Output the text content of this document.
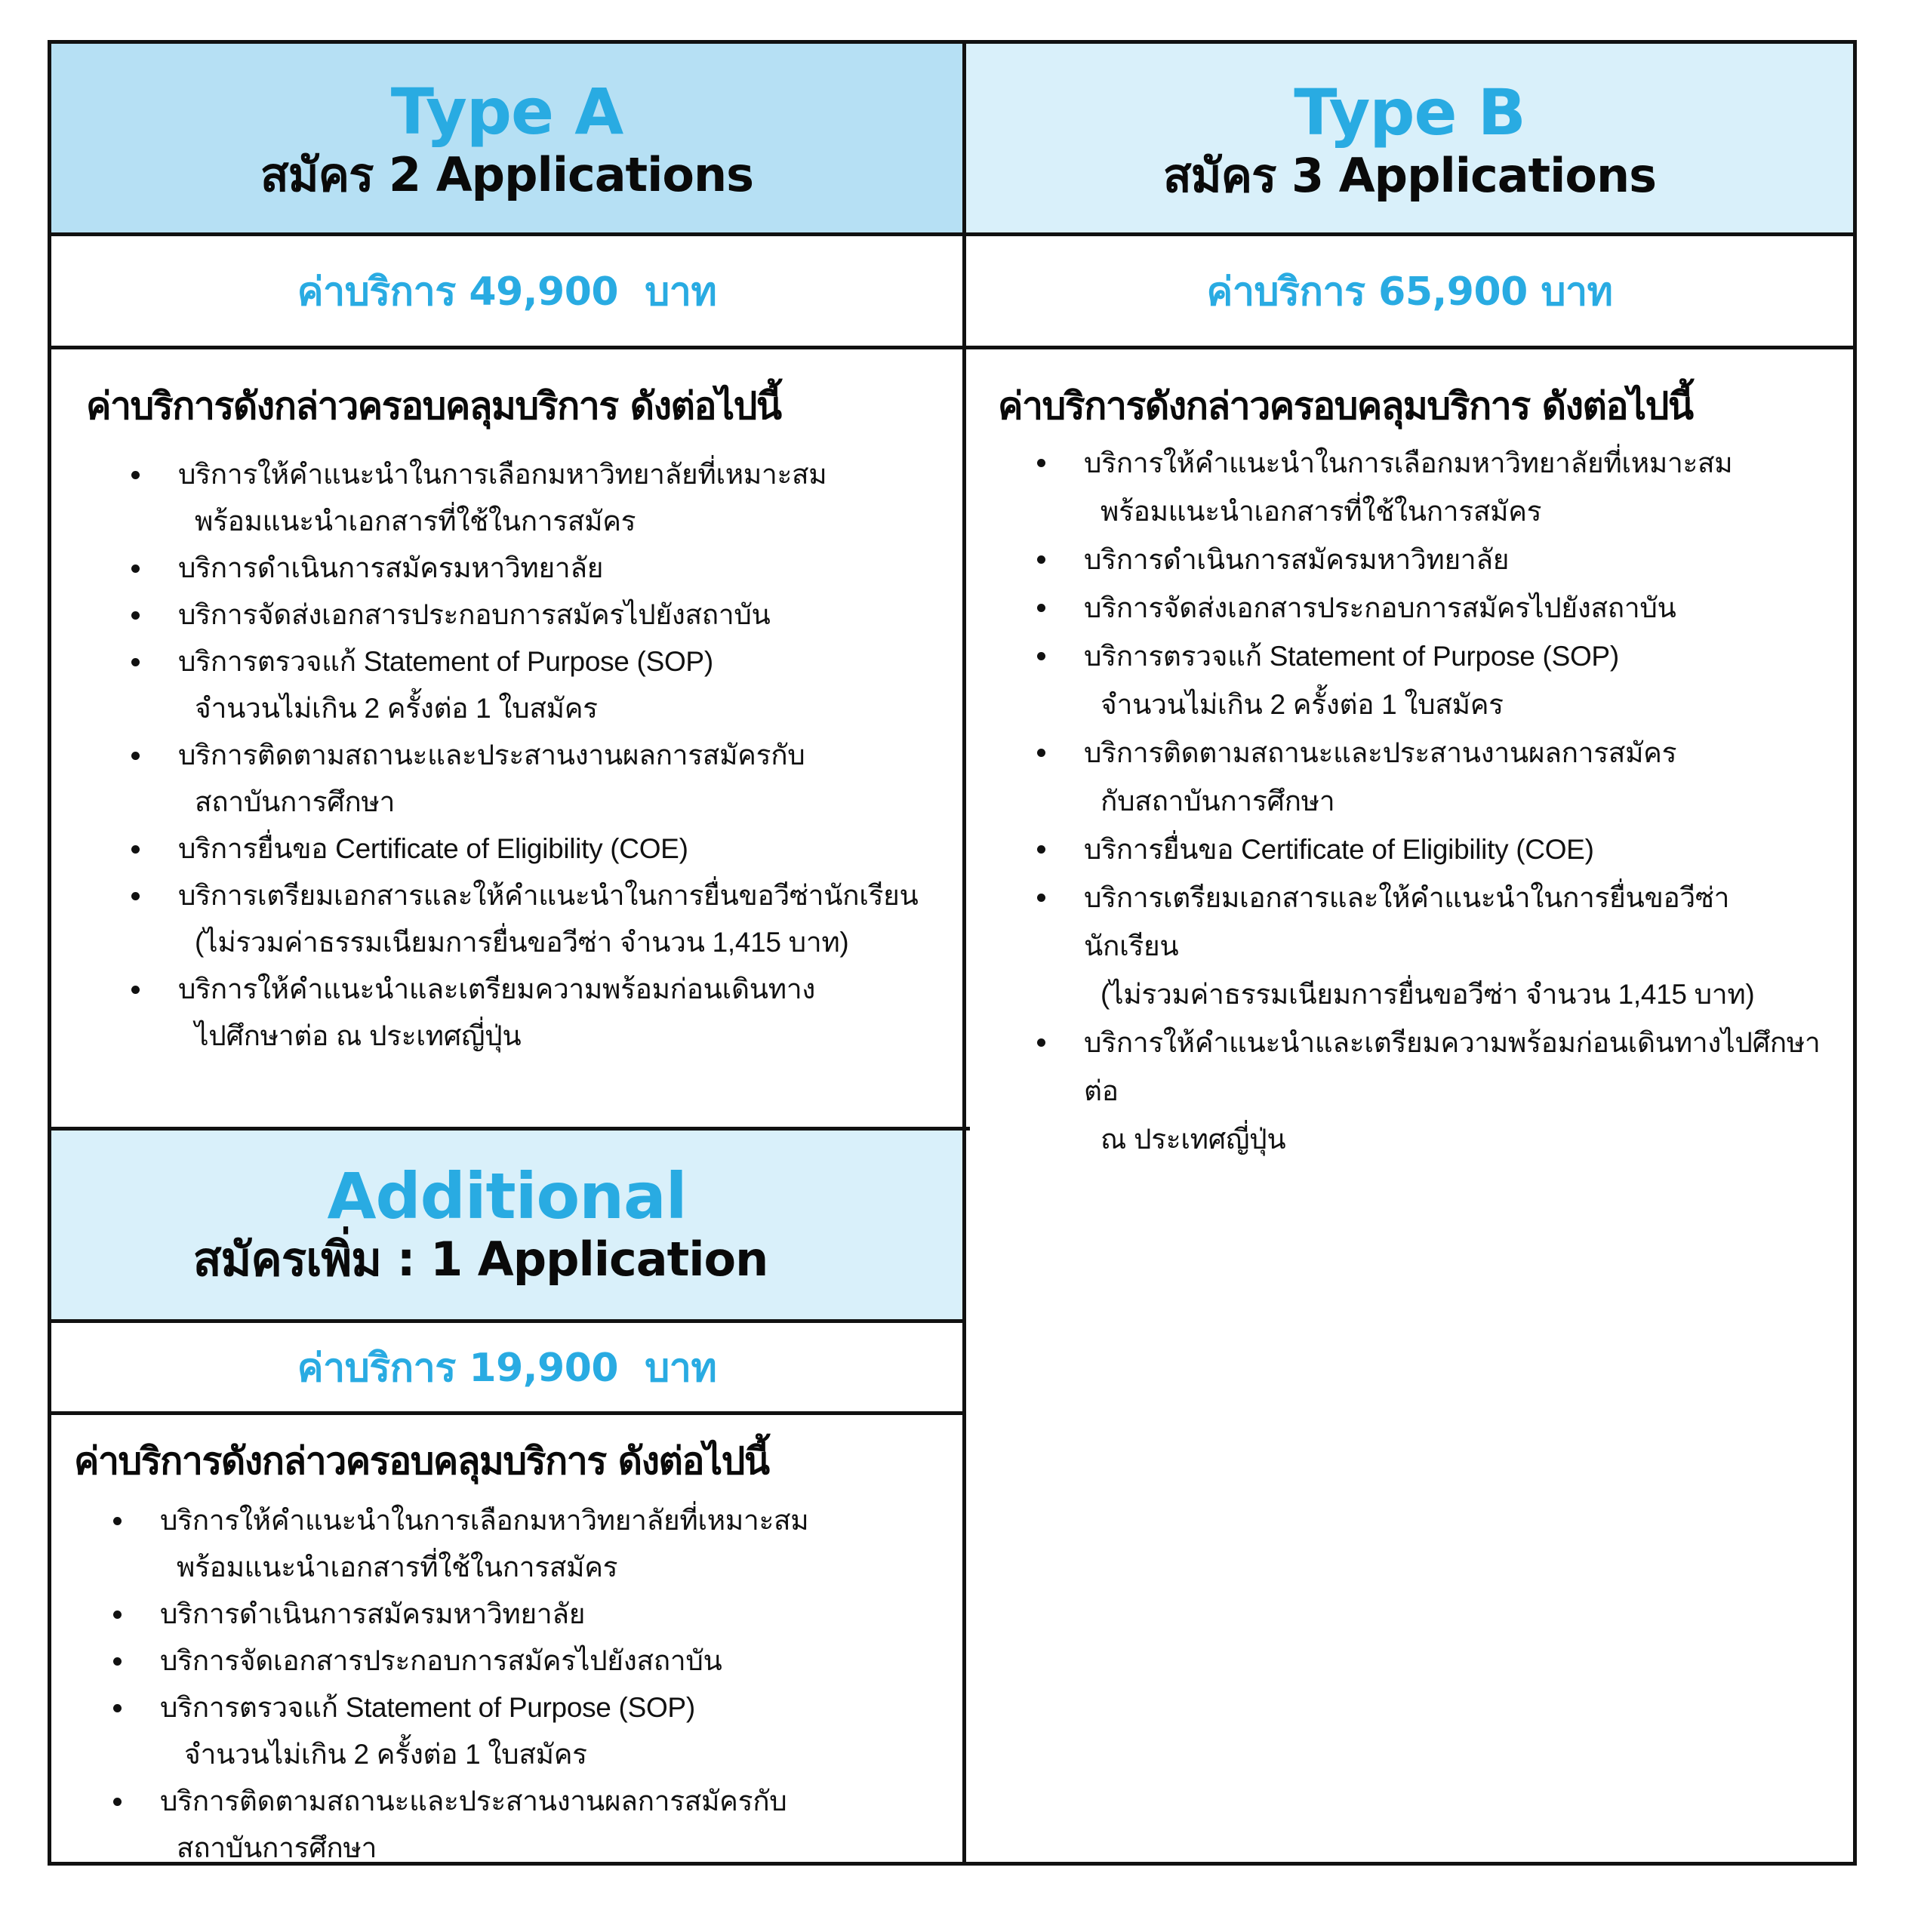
Type A
สมัคร 2 Applications
ค่าบริการ 49,900  บาท
ค่าบริการดังกล่าวครอบคลุมบริการ ดังต่อไปนี้
บริการให้คำแนะนำในการเลือกมหาวิทยาลัยที่เหมาะสม
พร้อมแนะนำเอกสารที่ใช้ในการสมัคร
บริการดำเนินการสมัครมหาวิทยาลัย
บริการจัดส่งเอกสารประกอบการสมัครไปยังสถาบัน
บริการตรวจแก้ Statement of Purpose (SOP)
จำนวนไม่เกิน 2 ครั้งต่อ 1 ใบสมัคร
บริการติดตามสถานะและประสานงานผลการสมัครกับ
สถาบันการศึกษา
บริการยื่นขอ Certificate of Eligibility (COE)
บริการเตรียมเอกสารและให้คำแนะนำในการยื่นขอวีซ่านักเรียน
(ไม่รวมค่าธรรมเนียมการยื่นขอวีซ่า จำนวน 1,415 บาท)
บริการให้คำแนะนำและเตรียมความพร้อมก่อนเดินทาง
ไปศึกษาต่อ ณ ประเทศญี่ปุ่น
Additional
สมัครเพิ่ม : 1 Application
ค่าบริการ 19,900  บาท
ค่าบริการดังกล่าวครอบคลุมบริการ ดังต่อไปนี้
บริการให้คำแนะนำในการเลือกมหาวิทยาลัยที่เหมาะสม
พร้อมแนะนำเอกสารที่ใช้ในการสมัคร
บริการดำเนินการสมัครมหาวิทยาลัย
บริการจัดเอกสารประกอบการสมัครไปยังสถาบัน
บริการตรวจแก้ Statement of Purpose (SOP)
จำนวนไม่เกิน 2 ครั้งต่อ 1 ใบสมัคร
บริการติดตามสถานะและประสานงานผลการสมัครกับ
สถาบันการศึกษา
Type B
สมัคร 3 Applications
ค่าบริการ 65,900 บาท
ค่าบริการดังกล่าวครอบคลุมบริการ ดังต่อไปนี้
บริการให้คำแนะนำในการเลือกมหาวิทยาลัยที่เหมาะสม
พร้อมแนะนำเอกสารที่ใช้ในการสมัคร
บริการดำเนินการสมัครมหาวิทยาลัย
บริการจัดส่งเอกสารประกอบการสมัครไปยังสถาบัน
บริการตรวจแก้ Statement of Purpose (SOP)
จำนวนไม่เกิน 2 ครั้งต่อ 1 ใบสมัคร
บริการติดตามสถานะและประสานงานผลการสมัคร
กับสถาบันการศึกษา
บริการยื่นขอ Certificate of Eligibility (COE)
บริการเตรียมเอกสารและให้คำแนะนำในการยื่นขอวีซ่านักเรียน
(ไม่รวมค่าธรรมเนียมการยื่นขอวีซ่า จำนวน 1,415 บาท)
บริการให้คำแนะนำและเตรียมความพร้อมก่อนเดินทางไปศึกษาต่อ
ณ ประเทศญี่ปุ่น
